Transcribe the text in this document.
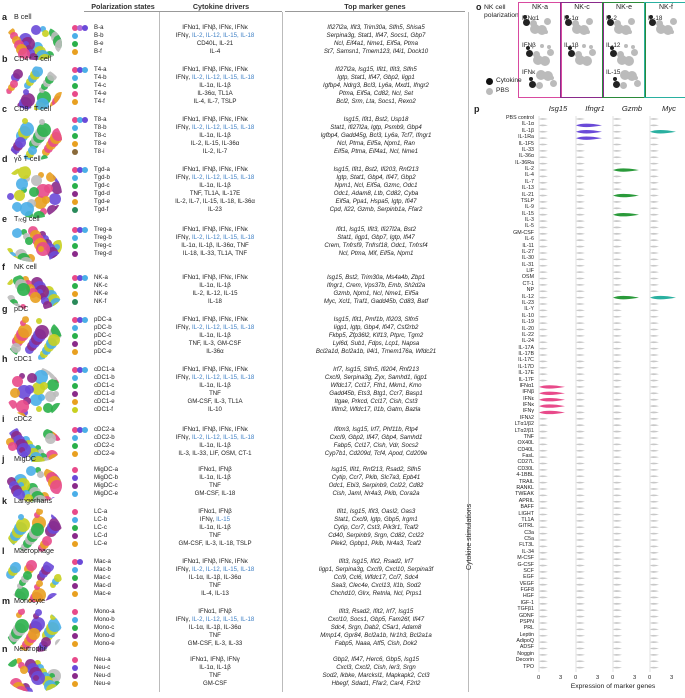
Polarization states	Cytokine drivers	Top marker genes
a B cell
B-a	IFNα1, IFNβ, IFNε, IFNκ	Ifi27l2a, Ifit3, Trim30a, Slfn5, Shisa5
B-b	IFNγ, IL-2, IL-12, IL-15, IL-18	Serpina3g, Stat1, Ifi47, Socs1, Gbp7
B-e	CD40L, IL-21	Ncl, Eif4a1, Nme1, Eif5a, Ptma
B-f	IL-4	St7, Samsn1, Tmem123, Il4i1, Dock10
b CD4⁺ T cell
T4-a	IFNα1, IFNβ, IFNε, IFNκ	Ifi27l2a, Isg15, Ifit1, Ifit3, Slfn5
T4-b	IFNγ, IL-2, IL-12, IL-15, IL-18	Igtp, Stat1, Ifi47, Gbp2, Iigp1
T4-c	IL-1α, IL-1β	Igfbp4, Ndrg3, Bcl3, Ly6a, Mxd1, Ifngr2
T4-e	IL-36α, TL1A	Ptma, Eif5a, Cd82, Ncl, Set
T4-f	IL-4, IL-7, TSLP	Bcl2, Srm, Lta, Socs1, Rexo2
c CD8⁺ T cell
T8-a	IFNα1, IFNβ, IFNε, IFNκ	Isg15, Ifit1, Bst2, Usp18
T8-b	IFNγ, IL-2, IL-12, IL-15, IL-18	Stat1, Ifi27l2a, Igtp, Psmb9, Gbp4
T8-c	IL-1α, IL-1β	Igfbp4, Gadd45g, Bcl3, Ly6a, Tcf7, Ifngr1
T8-e	IL-2, IL-15, IL-36α	Ncl, Ptma, Eif5a, Npm1, Ran
T8-i	IL-2, IL-7	Eif5a, Ptma, Eif4a1, Ncl, Nme1
d γδ T cell
Tgd-a	IFNα1, IFNβ, IFNε, IFNκ	Isg15, Ifit1, Bst2, Ifi203, Rnf213
Tgd-b	IFNγ, IL-2, IL-12, IL-15, IL-18	Igtp, Stat1, Gbp4, Ifi47, Gbp2
Tgd-c	IL-1α, IL-1β	Npm1, Ncl, Eif5a, Gzmc, Odc1
Tgd-d	TNF, TL1A, IL-17E	Odc1, Adam8, Ltb, Cd82, Cyba
Tgd-e	IL-2, IL-7, IL-15, IL-18, IL-36α	Eif5a, Ppa1, Hspa5, Igtp, Ifi47
Tgd-f	IL-23	Cpd, Il22, Gzmb, Serpinb1a, Ffar2
e Tᵣₑg cell
Treg-a	IFNα1, IFNβ, IFNε, IFNκ	Ifit1, Isg15, Ifit3, Ifi27l2a, Bst2
Treg-b	IFNγ, IL-2, IL-12, IL-15, IL-18	Stat1, Iigp1, Gbp7, Igtp, Ifi47
Treg-c	IL-1α, IL-1β, IL-36α, TNF	Crem, Tnfrsf9, Tnfrsf18, Odc1, Tnfrsf4
Treg-d	IL-18, IL-33, TL1A, TNF	Ncl, Ptma, Mif, Eif5a, Npm1
f NK cell
NK-a	IFNα1, IFNβ, IFNε, IFNκ	Isg15, Bst2, Trim30a, Ms4a4b, Zbp1
NK-c	IL-1α, IL-1β	Ifngr1, Crem, Vps37b, Emb, Sh2d2a
NK-e	IL-2, IL-12, IL-15	Gzmb, Npm1, Ncl, Nme1, Eif5a
NK-f	IL-18	Myc, Xcl1, Traf1, Gadd45b, Cd83, Batf
g pDC
pDC-a	IFNα1, IFNβ, IFNε, IFNκ	Isg15, Ifit1, Pmf1b, Ifi203, Slfn5
pDC-b	IFNγ, IL-2, IL-12, IL-15, IL-18	Iigp1, Igtp, Gbp4, Ifi47, Csf2rb2
pDC-c	IL-1α, IL-1β	Fkbp5, Zfp36l2, Klf13, Ptprc, Tgm2
pDC-d	TNF, IL-3, GM-CSF	Lyl6d, Sub1, Fdps, Lcp1, Napsa
pDC-e	IL-36α	Bcl2a1d, Bcl2a1b, Il4i1, Tmem176a, Wfdc21
h cDC1
cDC1-a	IFNα1, IFNβ, IFNε, IFNκ	Irf7, Isg15, Slfn5, Ifi204, Rnf213
cDC1-b	IFNγ, IL-2, IL-12, IL-15, IL-18	Cxcl9, Serpina3g, Zyx, Samhd1, Iigp1
cDC1-c	IL-1α, IL-1β	Wfdc17, Ccl17, Fth1, Mkm1, Kmo
cDC1-d	TNF	Gadd45b, Ets3, Btg1, Ccr7, Basp1
cDC1-e	GM-CSF, IL-3, TL1A	Itgae, Prkcd, Ccl17, Cish, Cst3
cDC1-f	IL-10	Ifitm2, Wfdc17, Il1b, Gatm, Bazla
i cDC2
cDC2-a	IFNα1, IFNβ, IFNε, IFNκ	Ifitm3, Isg15, Irf7, Phf11b, Rtp4
cDC2-b	IFNγ, IL-2, IL-12, IL-15, IL-18	Cxcl9, Gbp2, Ifi47, Gbp4, Samhd1
cDC2-c	IL-1α, IL-1β	Fabp5, Ccl17, Cish, Vdr, Socs2
cDC2-e	IL-3, IL-33, LIF, OSM, CT-1	Cyp7b1, Cd209d, Tcf4, Apod, Cd209e
j MigDC
MigDC-a	IFNα1, IFNβ	Isg15, Ifit1, Rnf213, Rsad2, Slfn5
MigDC-b	IL-1α, IL-1β	Cytip, Ccr7, Pkib, Slc7a3, Epb41
MigDC-c	TNF	Odc1, Ebi3, Serpinb9, Ccl22, Cd82
MigDC-e	GM-CSF, IL-18	Cish, Jaml, Nr4a3, Pkib, Cora2a
k Langerhans
LC-a	IFNα1, IFNβ	Ifit1, Isg15, Ifit3, Oasl2, Oas3
LC-b	IFNγ, IL-15	Stat1, Cxcl9, Igtp, Gbp5, Irgm1
LC-c	IL-1α, IL-1β	Cytip, Ccr7, Cst3, Pik3r1, Tcaf2
LC-d	TNF	Cd40, Serpinb9, Srgn, Cd82, Ccl22
LC-e	GM-CSF, IL-3, IL-18, TSLP	Plek2, Gpbp1, Pkib, Nr4a3, Tcaf2
l Macrophage
Mac-a	IFNα1, IFNβ, IFNε, IFNκ	Ifit3, Isg15, Ifit2, Rsad2, Irf7
Mac-b	IFNγ, IL-2, IL-12, IL-15, IL-18	Iigp1, Serpina3g, Cxcl9, Cxcl10, Serpina3f
Mac-c	IL-1α, IL-1β, IL-36α	Ccl9, Ccl6, Wfdc17, Ccl7, Sdc4
Mac-d	TNF	Saa3, Clec4e, Cxcl13, Il1b, Sod2
Mac-e	IL-4, IL-13	Chchd10, Glrx, Retnla, Ncl, Prps1
m Monocyte
Mono-a	IFNα1, IFNβ	Ifit3, Rsad2, Ifit2, Irf7, Isg15
Mono-b	IFNγ, IL-2, IL-12, IL-15, IL-18	Cxcl10, Socs1, Gbp5, Fam26f, Ifi47
Mono-c	IL-1α, IL-1β, IL-36α	Sdc4, Srgn, Dab2, C5ar1, Adam8
Mono-d	TNF	Mmp14, Gpr84, Bcl2a1b, Nr1h3, Bcl2a1a
Mono-e	GM-CSF, IL-3, IL-33	Fabp5, Naaa, Atf5, Cish, Dok2
n Neutrophil
Neu-a	IFNα1, IFNβ, IFNγ	Gbp2, Ifi47, Herc6, Gbp5, Isg15
Neu-c	IL-1α, IL-1β	Cxcl3, Cxcl2, Cish, Ier3, Srgn
Neu-d	TNF	Sod2, Ikbke, Marcksl1, Mapkapk2, Ccl3
Neu-e	GM-CSF	Hbegf, Sdad1, Ffar2, Car4, F2rl2
o NK cell polarization
NK-a
IFNα1
IFNβ
IFNκ
NK-c
IL-1α
IL-1β
NK-e
IL-2
IL-12
IL-15
NK-f
IL-18
Cytokine
PBS
p	Isg15	Ifngr1	Gzmb	Myc
Cytokine stimulations
PBS control
IL-1α
IL-1β
IL-1Ra
IL-1F5
IL-33
IL-36α
IL-36Ra
IL-2
IL-4
IL-7
IL-13
IL-21
TSLP
IL-9
IL-15
IL-3
IL-5
GM-CSF
IL-6
IL-11
IL-27
IL-30
IL-31
LIF
OSM
CT-1
NP
IL-12
IL-23
IL-Y
IL-10
IL-19
IL-20
IL-22
IL-24
IL-17A
IL-17B
IL-17C
IL-17D
IL-17E
IL-17F
IFNα1
IFNβ
IFNε
IFNκ
IFNγ
IFNλ2
LTα1/β2
LTα2/β1
TNF
OX40L
CD40L
FasL
CD27L
CD30L
4-1BBL
TRAIL
RANKL
TWEAK
APRIL
BAFF
LIGHT
TL1A
GITRL
C3a
C5a
FLT3L
IL-34
M-CSF
G-CSF
SCF
EGF
VEGF
FGF8
HGF
IGF-1
TGFβ1
GDNF
PSPN
PRL
Leptin
AdipoQ
ADSF
Noggin
Decorin
TPO
0	3 0	3 0	3 0	3
Expression of marker genes
